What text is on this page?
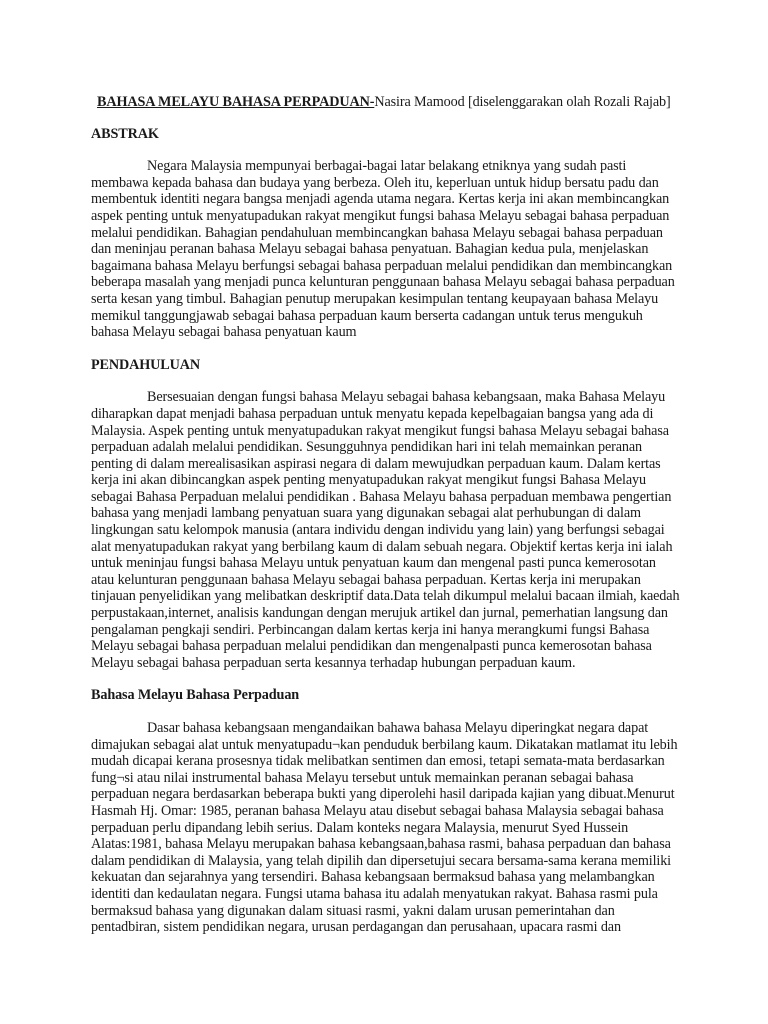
BAHASA MELAYU BAHASA PERPADUAN-Nasira Mamood [diselenggarakan olah Rozali Rajab]

ABSTRAK

Negara Malaysia mempunyai berbagai-bagai latar belakang etniknya yang sudah pasti membawa kepada bahasa dan budaya yang berbeza. Oleh itu, keperluan untuk hidup bersatu padu dan membentuk identiti negara bangsa menjadi agenda utama negara. Kertas kerja ini akan membincangkan aspek penting untuk menyatupadukan rakyat mengikut fungsi bahasa Melayu sebagai bahasa perpaduan melalui pendidikan. Bahagian pendahuluan membincangkan bahasa Melayu sebagai bahasa perpaduan dan meninjau peranan bahasa Melayu sebagai bahasa penyatuan. Bahagian kedua pula, menjelaskan bagaimana bahasa Melayu berfungsi sebagai bahasa perpaduan melalui pendidikan dan membincangkan beberapa masalah yang menjadi punca kelunturan penggunaan bahasa Melayu sebagai bahasa perpaduan serta kesan yang timbul. Bahagian penutup merupakan kesimpulan tentang keupayaan bahasa Melayu memikul tanggungjawab sebagai bahasa perpaduan kaum berserta cadangan untuk terus mengukuh bahasa Melayu sebagai bahasa penyatuan kaum

PENDAHULUAN

Bersesuaian dengan fungsi bahasa Melayu sebagai bahasa kebangsaan, maka Bahasa Melayu diharapkan dapat menjadi bahasa perpaduan untuk menyatu kepada kepelbagaian bangsa yang ada di Malaysia. Aspek penting untuk menyatupadukan rakyat mengikut fungsi bahasa Melayu sebagai bahasa perpaduan adalah melalui pendidikan. Sesungguhnya pendidikan hari ini telah memainkan peranan penting di dalam merealisasikan aspirasi negara di dalam mewujudkan perpaduan kaum. Dalam kertas kerja ini akan dibincangkan aspek penting menyatupadukan rakyat mengikut fungsi Bahasa Melayu sebagai Bahasa Perpaduan melalui pendidikan . Bahasa Melayu bahasa perpaduan membawa pengertian bahasa yang menjadi lambang penyatuan suara yang digunakan sebagai alat perhubungan di dalam lingkungan satu kelompok manusia (antara individu dengan individu yang lain) yang berfungsi sebagai alat menyatupadukan rakyat yang berbilang kaum di dalam sebuah negara. Objektif kertas kerja ini ialah untuk meninjau fungsi bahasa Melayu untuk penyatuan kaum dan mengenal pasti punca kemerosotan atau kelunturan penggunaan bahasa Melayu sebagai bahasa perpaduan. Kertas kerja ini merupakan tinjauan penyelidikan yang melibatkan deskriptif data.Data telah dikumpul melalui bacaan ilmiah, kaedah perpustakaan,internet, analisis kandungan dengan merujuk artikel dan jurnal, pemerhatian langsung dan pengalaman pengkaji sendiri. Perbincangan dalam kertas kerja ini hanya merangkumi fungsi Bahasa Melayu sebagai bahasa perpaduan melalui pendidikan dan mengenalpasti punca kemerosotan bahasa Melayu sebagai bahasa perpaduan serta kesannya terhadap hubungan perpaduan kaum.

Bahasa Melayu Bahasa Perpaduan

Dasar bahasa kebangsaan mengandaikan bahawa bahasa Melayu diperingkat negara dapat dimajukan sebagai alat untuk menyatupadu¬kan penduduk berbilang kaum. Dikatakan matlamat itu lebih mudah dicapai kerana prosesnya tidak melibatkan sentimen dan emosi, tetapi semata-mata berdasarkan fung¬si atau nilai instrumental bahasa Melayu tersebut untuk memainkan peranan sebagai bahasa perpaduan negara berdasarkan beberapa bukti yang diperolehi hasil daripada kajian yang dibuat.Menurut Hasmah Hj. Omar: 1985, peranan bahasa Melayu atau disebut sebagai bahasa Malaysia sebagai bahasa perpaduan perlu dipandang lebih serius. Dalam konteks negara Malaysia, menurut Syed Hussein Alatas:1981, bahasa Melayu merupakan bahasa kebangsaan,bahasa rasmi, bahasa perpaduan dan bahasa dalam pendidikan di Malaysia, yang telah dipilih dan dipersetujui secara bersama-sama kerana memiliki kekuatan dan sejarahnya yang tersendiri. Bahasa kebangsaan bermaksud bahasa yang melambangkan identiti dan kedaulatan negara. Fungsi utama bahasa itu adalah menyatukan rakyat. Bahasa rasmi pula bermaksud bahasa yang digunakan dalam situasi rasmi, yakni dalam urusan pemerintahan dan pentadbiran, sistem pendidikan negara, urusan perdagangan dan perusahaan, upacara rasmi dan
